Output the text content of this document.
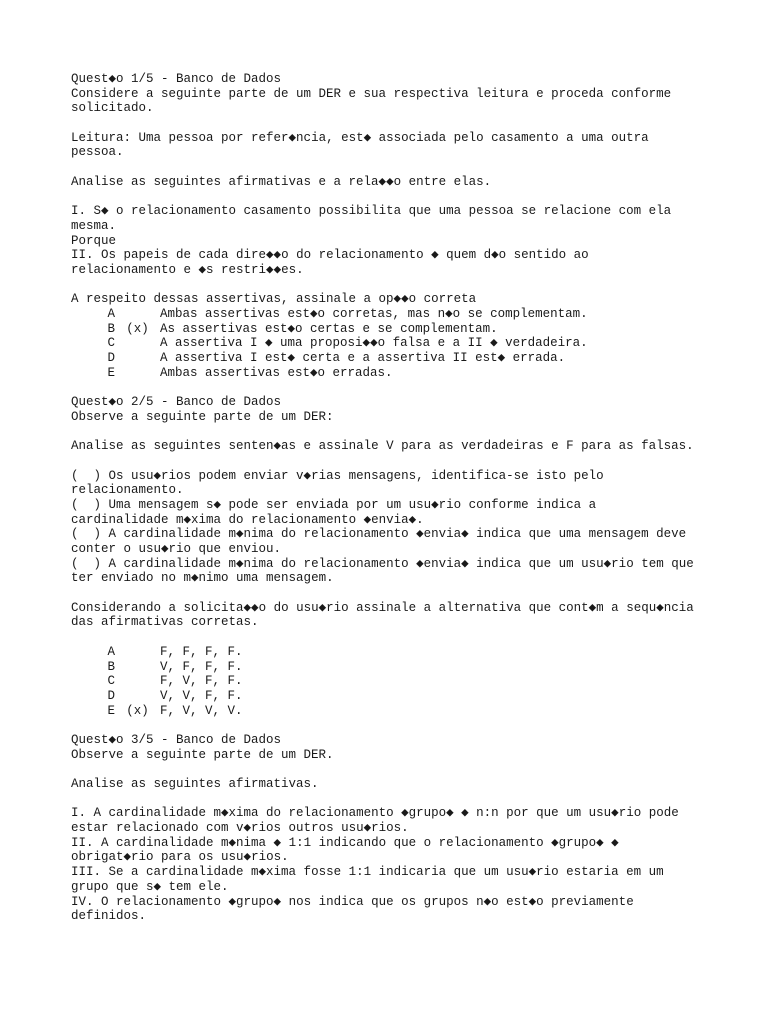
Quest◆o 1/5 - Banco de Dados
Considere a seguinte parte de um DER e sua respectiva leitura e proceda conforme
solicitado.
Leitura: Uma pessoa por refer◆ncia, est◆ associada pelo casamento a uma outra
pessoa.
Analise as seguintes afirmativas e a rela◆◆o entre elas.
I. S◆ o relacionamento casamento possibilita que uma pessoa se relacione com ela
mesma.
Porque
II. Os papeis de cada dire◆◆o do relacionamento ◆ quem d◆o sentido ao
relacionamento e ◆s restri◆◆es.
A respeito dessas assertivas, assinale a op◆◆o correta
A	Ambas assertivas est◆o corretas, mas n◆o se complementam.
B (x) As assertivas est◆o certas e se complementam.
C	A assertiva I ◆ uma proposi◆◆o falsa e a II ◆ verdadeira.
D	A assertiva I est◆ certa e a assertiva II est◆ errada.
E	Ambas assertivas est◆o erradas.
Quest◆o 2/5 - Banco de Dados
Observe a seguinte parte de um DER:
Analise as seguintes senten◆as e assinale V para as verdadeiras e F para as falsas.
(  ) Os usu◆rios podem enviar v◆rias mensagens, identifica-se isto pelo
relacionamento.
(  ) Uma mensagem s◆ pode ser enviada por um usu◆rio conforme indica a
cardinalidade m◆xima do relacionamento ◆envia◆.
(  ) A cardinalidade m◆nima do relacionamento ◆envia◆ indica que uma mensagem deve
conter o usu◆rio que enviou.
(  ) A cardinalidade m◆nima do relacionamento ◆envia◆ indica que um usu◆rio tem que
ter enviado no m◆nimo uma mensagem.
Considerando a solicita◆◆o do usu◆rio assinale a alternativa que cont◆m a sequ◆ncia
das afirmativas corretas.
A	F, F, F, F.
B	V, F, F, F.
C	F, V, F, F.
D	V, V, F, F.
E (x) F, V, V, V.
Quest◆o 3/5 - Banco de Dados
Observe a seguinte parte de um DER.
Analise as seguintes afirmativas.
I. A cardinalidade m◆xima do relacionamento ◆grupo◆ ◆ n:n por que um usu◆rio pode
estar relacionado com v◆rios outros usu◆rios.
II. A cardinalidade m◆nima ◆ 1:1 indicando que o relacionamento ◆grupo◆ ◆
obrigat◆rio para os usu◆rios.
III. Se a cardinalidade m◆xima fosse 1:1 indicaria que um usu◆rio estaria em um
grupo que s◆ tem ele.
IV. O relacionamento ◆grupo◆ nos indica que os grupos n◆o est◆o previamente
definidos.
